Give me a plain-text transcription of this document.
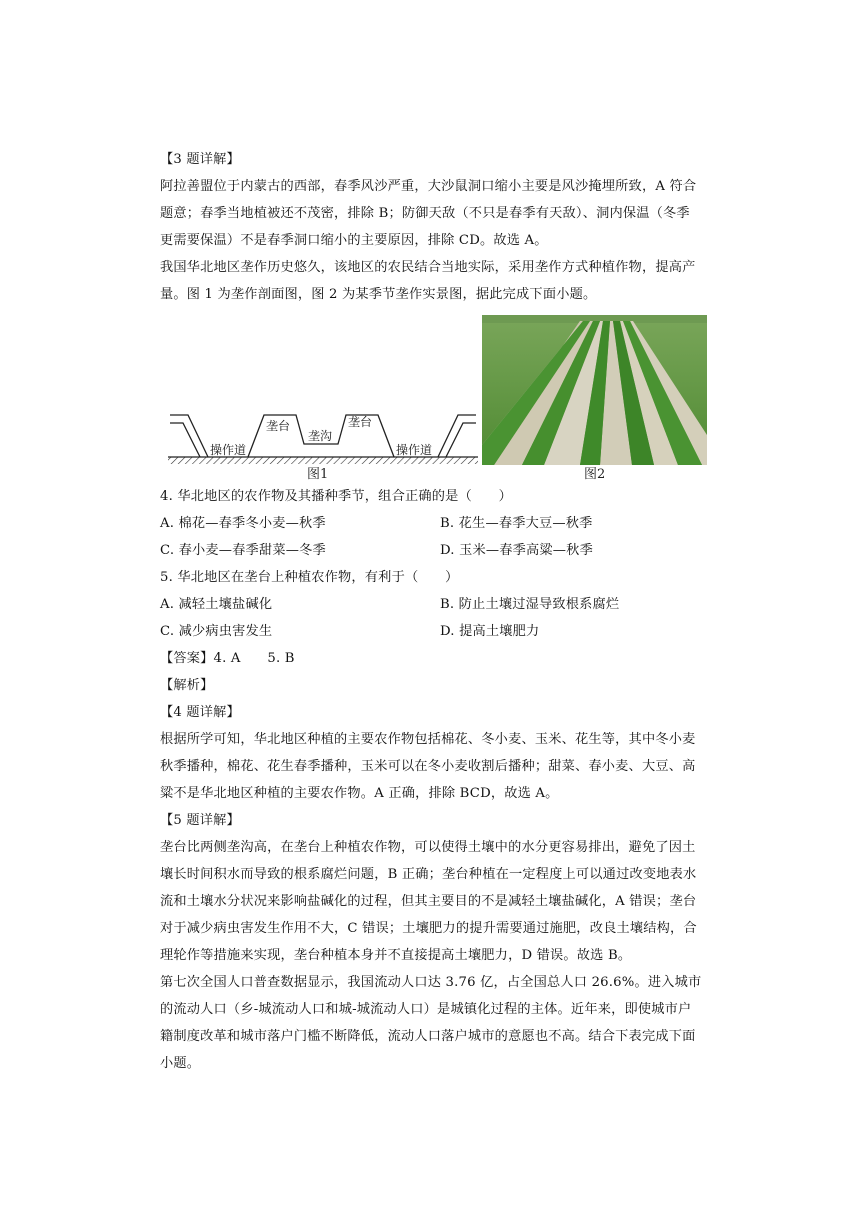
【3 题详解】
阿拉善盟位于内蒙古的西部，春季风沙严重，大沙鼠洞口缩小主要是风沙掩埋所致，A 符合
题意；春季当地植被还不茂密，排除 B；防御天敌（不只是春季有天敌）、洞内保温（冬季
更需要保温）不是春季洞口缩小的主要原因，排除 CD。故选 A。
我国华北地区垄作历史悠久，该地区的农民结合当地实际，采用垄作方式种植作物，提高产
量。图 1 为垄作剖面图，图 2 为某季节垄作实景图，据此完成下面小题。
垄台
垄沟
垄台
操作道	操作道
图1	图2
4. 华北地区的农作物及其播种季节，组合正确的是（　　）
A. 棉花—春季冬小麦—秋季	B. 花生—春季大豆—秋季
C. 春小麦—春季甜菜—冬季	D. 玉米—春季高粱—秋季
5. 华北地区在垄台上种植农作物，有利于（　　）
A. 减轻土壤盐碱化	B. 防止土壤过湿导致根系腐烂
C. 减少病虫害发生	D. 提高土壤肥力
【答案】4. A　　5. B
【解析】
【4 题详解】
根据所学可知，华北地区种植的主要农作物包括棉花、冬小麦、玉米、花生等，其中冬小麦
秋季播种，棉花、花生春季播种，玉米可以在冬小麦收割后播种；甜菜、春小麦、大豆、高
粱不是华北地区种植的主要农作物。A 正确，排除 BCD，故选 A。
【5 题详解】
垄台比两侧垄沟高，在垄台上种植农作物，可以使得土壤中的水分更容易排出，避免了因土
壤长时间积水而导致的根系腐烂问题，B 正确；垄台种植在一定程度上可以通过改变地表水
流和土壤水分状况来影响盐碱化的过程，但其主要目的不是减轻土壤盐碱化，A 错误；垄台
对于减少病虫害发生作用不大，C 错误；土壤肥力的提升需要通过施肥，改良土壤结构，合
理轮作等措施来实现，垄台种植本身并不直接提高土壤肥力，D 错误。故选 B。
第七次全国人口普查数据显示，我国流动人口达 3.76 亿，占全国总人口 26.6%。进入城市
的流动人口（乡-城流动人口和城-城流动人口）是城镇化过程的主体。近年来，即使城市户
籍制度改革和城市落户门槛不断降低，流动人口落户城市的意愿也不高。结合下表完成下面
小题。
